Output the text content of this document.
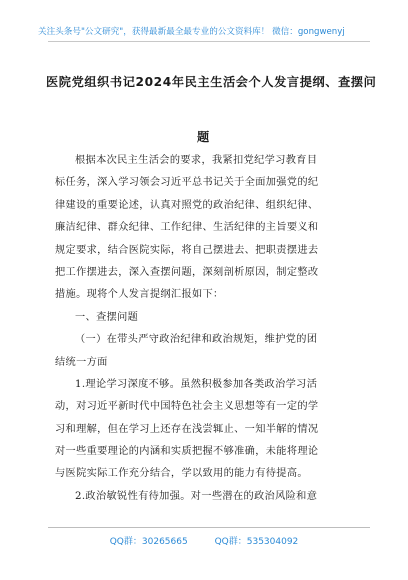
关注头条号"公文研究"，获得最新最全最专业的公文资料库！ 微信：gongwenyj
医院党组织书记2024年民主生活会个人发言提纲、查摆问
题
根据本次民主生活会的要求，我紧扣党纪学习教育目
标任务，深入学习领会习近平总书记关于全面加强党的纪
律建设的重要论述，认真对照党的政治纪律、组织纪律、
廉洁纪律、群众纪律、工作纪律、生活纪律的主旨要义和
规定要求，结合医院实际，将自己摆进去、把职责摆进去
把工作摆进去，深入查摆问题，深刻剖析原因，制定整改
措施。现将个人发言提纲汇报如下：
一、查摆问题
（一）在带头严守政治纪律和政治规矩，维护党的团
结统一方面
1.理论学习深度不够。虽然积极参加各类政治学习活
动，对习近平新时代中国特色社会主义思想等有一定的学
习和理解，但在学习上还存在浅尝辄止、一知半解的情况
对一些重要理论的内涵和实质把握不够准确，未能将理论
与医院实际工作充分结合，学以致用的能力有待提高。
2.政治敏锐性有待加强。对一些潜在的政治风险和意
QQ群：30265665	QQ群：535304092
